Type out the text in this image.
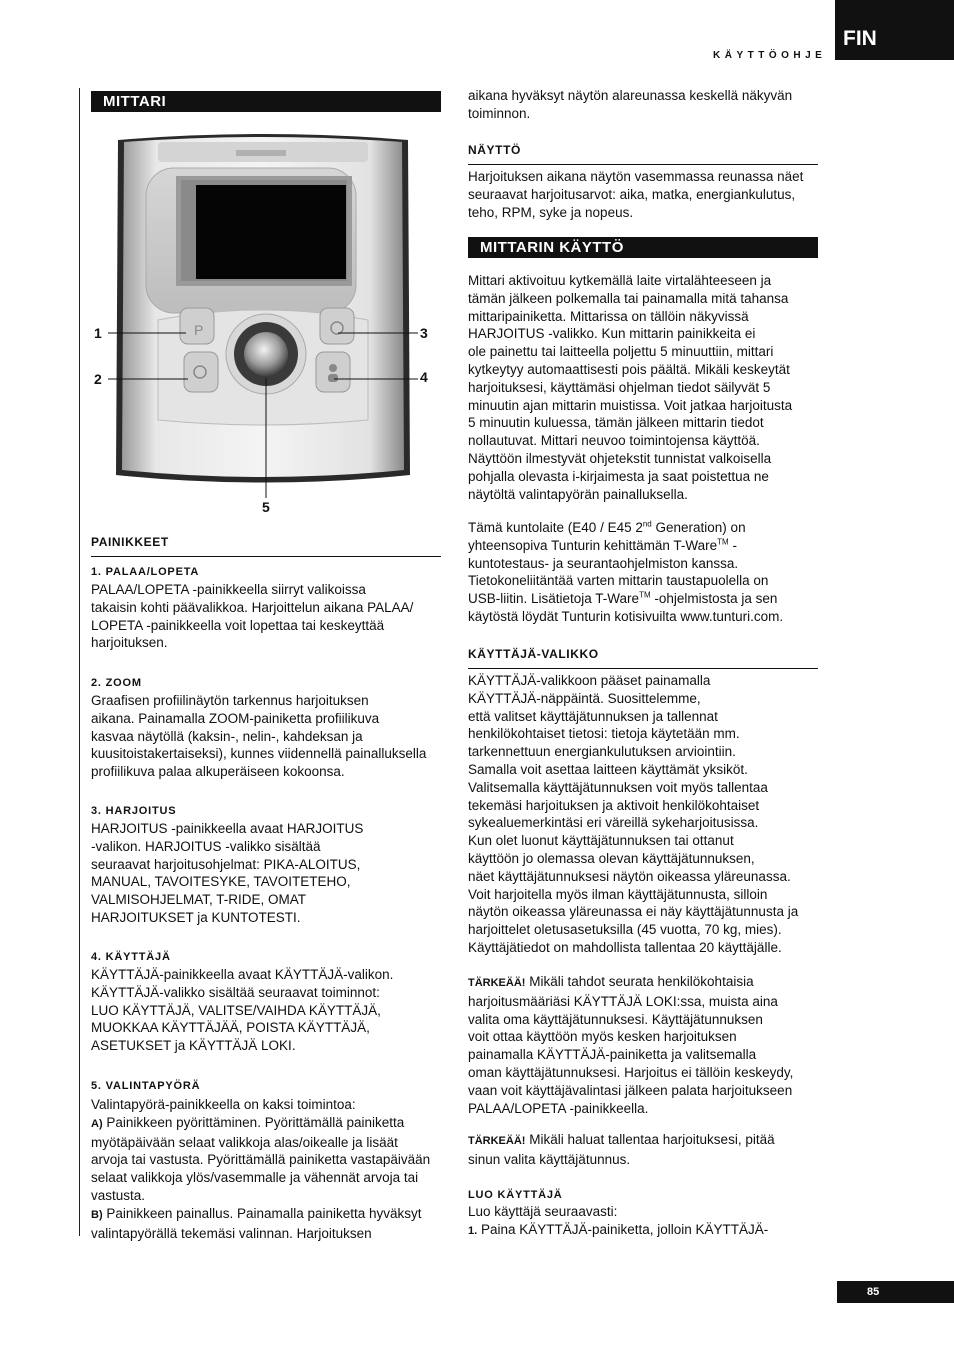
KÄYTTÖOHJE
FIN
MITTARI
P
1
2
3
4
5
PAINIKKEET
1. PALAA/LOPETA
PALAA/LOPETA -painikkeella siirryt valikoissa
takaisin kohti päävalikkoa. Harjoittelun aikana PALAA/
LOPETA -painikkeella voit lopettaa tai keskeyttää
harjoituksen.
2. ZOOM
Graafisen profiilinäytön tarkennus harjoituksen
aikana. Painamalla ZOOM-painiketta profiilikuva
kasvaa näytöllä (kaksin-, nelin-, kahdeksan ja
kuusitoistakertaiseksi), kunnes viidennellä painalluksella
profiilikuva palaa alkuperäiseen kokoonsa.
3. HARJOITUS
HARJOITUS -painikkeella avaat HARJOITUS
-valikon. HARJOITUS -valikko sisältää
seuraavat harjoitusohjelmat: PIKA-ALOITUS,
MANUAL, TAVOITESYKE, TAVOITETEHO,
VALMISOHJELMAT, T-RIDE, OMAT
HARJOITUKSET ja KUNTOTESTI.
4. KÄYTTÄJÄ
KÄYTTÄJÄ-painikkeella avaat KÄYTTÄJÄ-valikon.
KÄYTTÄJÄ-valikko sisältää seuraavat toiminnot:
LUO KÄYTTÄJÄ, VALITSE/VAIHDA KÄYTTÄJÄ,
MUOKKAA KÄYTTÄJÄÄ, POISTA KÄYTTÄJÄ,
ASETUKSET ja KÄYTTÄJÄ LOKI.
5. VALINTAPYÖRÄ
Valintapyörä-painikkeella on kaksi toimintoa:
A) Painikkeen pyörittäminen. Pyörittämällä painiketta
myötäpäivään selaat valikkoja alas/oikealle ja lisäät
arvoja tai vastusta. Pyörittämällä painiketta vastapäivään
selaat valikkoja ylös/vasemmalle ja vähennät arvoja tai
vastusta.
B) Painikkeen painallus. Painamalla painiketta hyväksyt
valintapyörällä tekemäsi valinnan. Harjoituksen
aikana hyväksyt näytön alareunassa keskellä näkyvän
toiminnon.
NÄYTTÖ
Harjoituksen aikana näytön vasemmassa reunassa näet
seuraavat harjoitusarvot: aika, matka, energiankulutus,
teho, RPM, syke ja nopeus.
MITTARIN KÄYTTÖ
Mittari aktivoituu kytkemällä laite virtalähteeseen ja
tämän jälkeen polkemalla tai painamalla mitä tahansa
mittaripainiketta. Mittarissa on tällöin näkyvissä
HARJOITUS -valikko. Kun mittarin painikkeita ei
ole painettu tai laitteella poljettu 5 minuuttiin, mittari
kytkeytyy automaattisesti pois päältä. Mikäli keskeytät
harjoituksesi, käyttämäsi ohjelman tiedot säilyvät 5
minuutin ajan mittarin muistissa. Voit jatkaa harjoitusta
5 minuutin kuluessa, tämän jälkeen mittarin tiedot
nollautuvat. Mittari neuvoo toimintojensa käyttöä.
Näyttöön ilmestyvät ohjetekstit tunnistat valkoisella
pohjalla olevasta i-kirjaimesta ja saat poistettua ne
näytöltä valintapyörän painalluksella.
Tämä kuntolaite (E40 / E45 2nd Generation) on
yhteensopiva Tunturin kehittämän T-Ware™ -
kuntotestaus- ja seurantaohjelmiston kanssa.
Tietokoneliitäntää varten mittarin taustapuolella on
USB-liitin. Lisätietoja T-Ware™ -ohjelmistosta ja sen
käytöstä löydät Tunturin kotisivuilta www.tunturi.com.
KÄYTTÄJÄ-VALIKKO
KÄYTTÄJÄ-valikkoon pääset painamalla
KÄYTTÄJÄ-näppäintä. Suosittelemme,
että valitset käyttäjätunnuksen ja tallennat
henkilökohtaiset tietosi: tietoja käytetään mm.
tarkennettuun energiankulutuksen arviointiin.
Samalla voit asettaa laitteen käyttämät yksiköt.
Valitsemalla käyttäjätunnuksen voit myös tallentaa
tekemäsi harjoituksen ja aktivoit henkilökohtaiset
sykealuemerkintäsi eri väreillä sykeharjoitusissa.
Kun olet luonut käyttäjätunnuksen tai ottanut
käyttöön jo olemassa olevan käyttäjätunnuksen,
näet käyttäjätunnuksesi näytön oikeassa yläreunassa.
Voit harjoitella myös ilman käyttäjätunnusta, silloin
näytön oikeassa yläreunassa ei näy käyttäjätunnusta ja
harjoittelet oletusasetuksilla (45 vuotta, 70 kg, mies).
Käyttäjätiedot on mahdollista tallentaa 20 käyttäjälle.
TÄRKEÄÄ! Mikäli tahdot seurata henkilökohtaisia
harjoitusmääriäsi KÄYTTÄJÄ LOKI:ssa, muista aina
valita oma käyttäjätunnuksesi. Käyttäjätunnuksen
voit ottaa käyttöön myös kesken harjoituksen
painamalla KÄYTTÄJÄ-painiketta ja valitsemalla
oman käyttäjätunnuksesi. Harjoitus ei tällöin keskeydy,
vaan voit käyttäjävalintasi jälkeen palata harjoitukseen
PALAA/LOPETA -painikkeella.
TÄRKEÄÄ! Mikäli haluat tallentaa harjoituksesi, pitää
sinun valita käyttäjätunnus.
LUO KÄYTTÄJÄ
Luo käyttäjä seuraavasti:
1. Paina KÄYTTÄJÄ-painiketta, jolloin KÄYTTÄJÄ-
85
